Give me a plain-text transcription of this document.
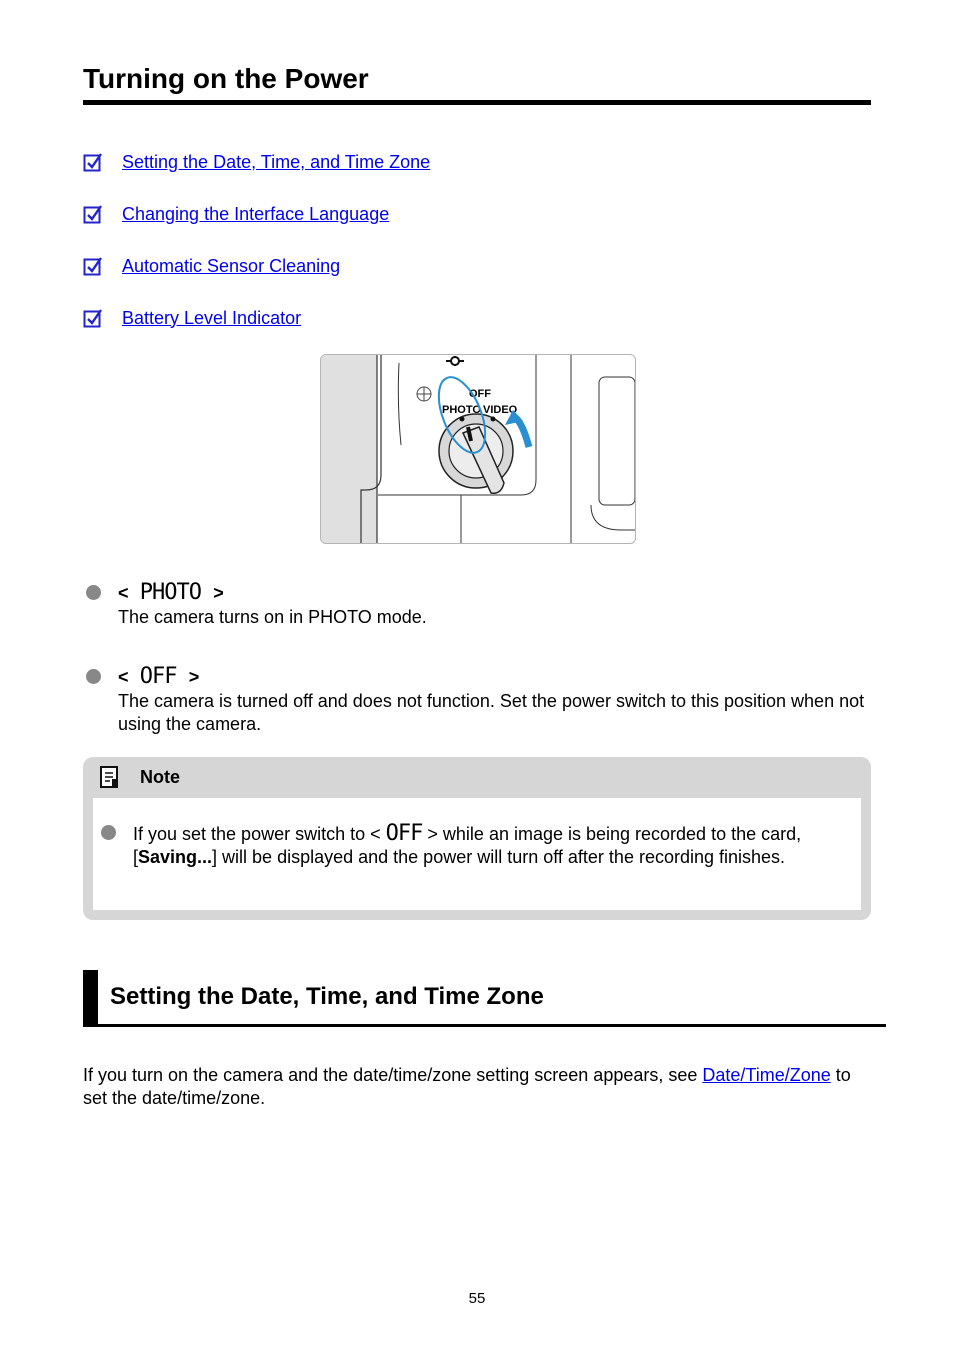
Turning on the Power
Setting the Date, Time, and Time Zone
Changing the Interface Language
Automatic Sensor Cleaning
Battery Level Indicator
OFF
PHOTO VIDEO
< PHOTO >
The camera turns on in PHOTO mode.
< OFF >
The camera is turned off and does not function. Set the power switch to this position when not using the camera.
Note
If you set the power switch to < OFF > while an image is being recorded to the card, [Saving...] will be displayed and the power will turn off after the recording finishes.
Setting the Date, Time, and Time Zone
If you turn on the camera and the date/time/zone setting screen appears, see Date/Time/Zone to set the date/time/zone.
55
